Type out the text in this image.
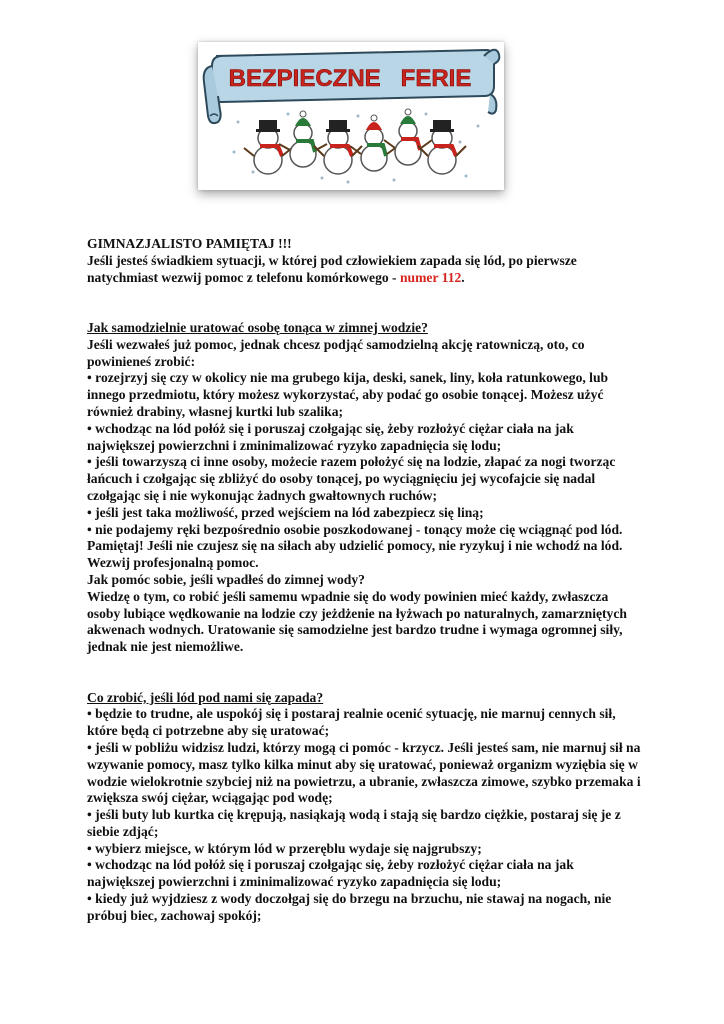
BEZPIECZNE   FERIE

GIMNAZJALISTO PAMIĘTAJ !!!

Jeśli jesteś świadkiem sytuacji, w której pod człowiekiem zapada się lód, po pierwsze natychmiast wezwij pomoc z telefonu komórkowego - numer 112.

Jak samodzielnie uratować osobę tonąca w zimnej wodzie?

Jeśli wezwałeś już pomoc, jednak chcesz podjąć samodzielną akcję ratowniczą, oto, co powinieneś zrobić:

• rozejrzyj się czy w okolicy nie ma grubego kija, deski, sanek, liny, koła ratunkowego, lub innego przedmiotu, który możesz wykorzystać, aby podać go osobie tonącej. Możesz użyć również drabiny, własnej kurtki lub szalika;

• wchodząc na lód połóż się i poruszaj czołgając się, żeby rozłożyć ciężar ciała na jak największej powierzchni i zminimalizować ryzyko zapadnięcia się lodu;

• jeśli towarzyszą ci inne osoby, możecie razem położyć się na lodzie, złapać za nogi tworząc łańcuch i czołgając się zbliżyć do osoby tonącej, po wyciągnięciu jej wycofajcie się nadal czołgając się i nie wykonując żadnych gwałtownych ruchów;

• jeśli jest taka możliwość, przed wejściem na lód zabezpiecz się liną;

• nie podajemy ręki bezpośrednio osobie poszkodowanej - tonący może cię wciągnąć pod lód. Pamiętaj! Jeśli nie czujesz się na siłach aby udzielić pomocy, nie ryzykuj i nie wchodź na lód. Wezwij profesjonalną pomoc.

Jak pomóc sobie, jeśli wpadłeś do zimnej wody?

Wiedzę o tym, co robić jeśli samemu wpadnie się do wody powinien mieć każdy, zwłaszcza osoby lubiące wędkowanie na lodzie czy jeżdżenie na łyżwach po naturalnych, zamarzniętych akwenach wodnych. Uratowanie się samodzielne jest bardzo trudne i wymaga ogromnej siły, jednak nie jest niemożliwe.

Co zrobić, jeśli lód pod nami się zapada?

• będzie to trudne, ale uspokój się i postaraj realnie ocenić sytuację, nie marnuj cennych sił, które będą ci potrzebne aby się uratować;

• jeśli w pobliżu widzisz ludzi, którzy mogą ci pomóc - krzycz. Jeśli jesteś sam, nie marnuj sił na wzywanie pomocy, masz tylko kilka minut aby się uratować, ponieważ organizm wyziębia się w wodzie wielokrotnie szybciej niż na powietrzu, a ubranie, zwłaszcza zimowe, szybko przemaka i zwiększa swój ciężar, wciągając pod wodę;

• jeśli buty lub kurtka cię krępują, nasiąkają wodą i stają się bardzo ciężkie, postaraj się je z siebie zdjąć;

• wybierz miejsce, w którym lód w przeręblu wydaje się najgrubszy;

• wchodząc na lód połóż się i poruszaj czołgając się, żeby rozłożyć ciężar ciała na jak największej powierzchni i zminimalizować ryzyko zapadnięcia się lodu;

• kiedy już wyjdziesz z wody doczołgaj się do brzegu na brzuchu, nie stawaj na nogach, nie próbuj biec, zachowaj spokój;
